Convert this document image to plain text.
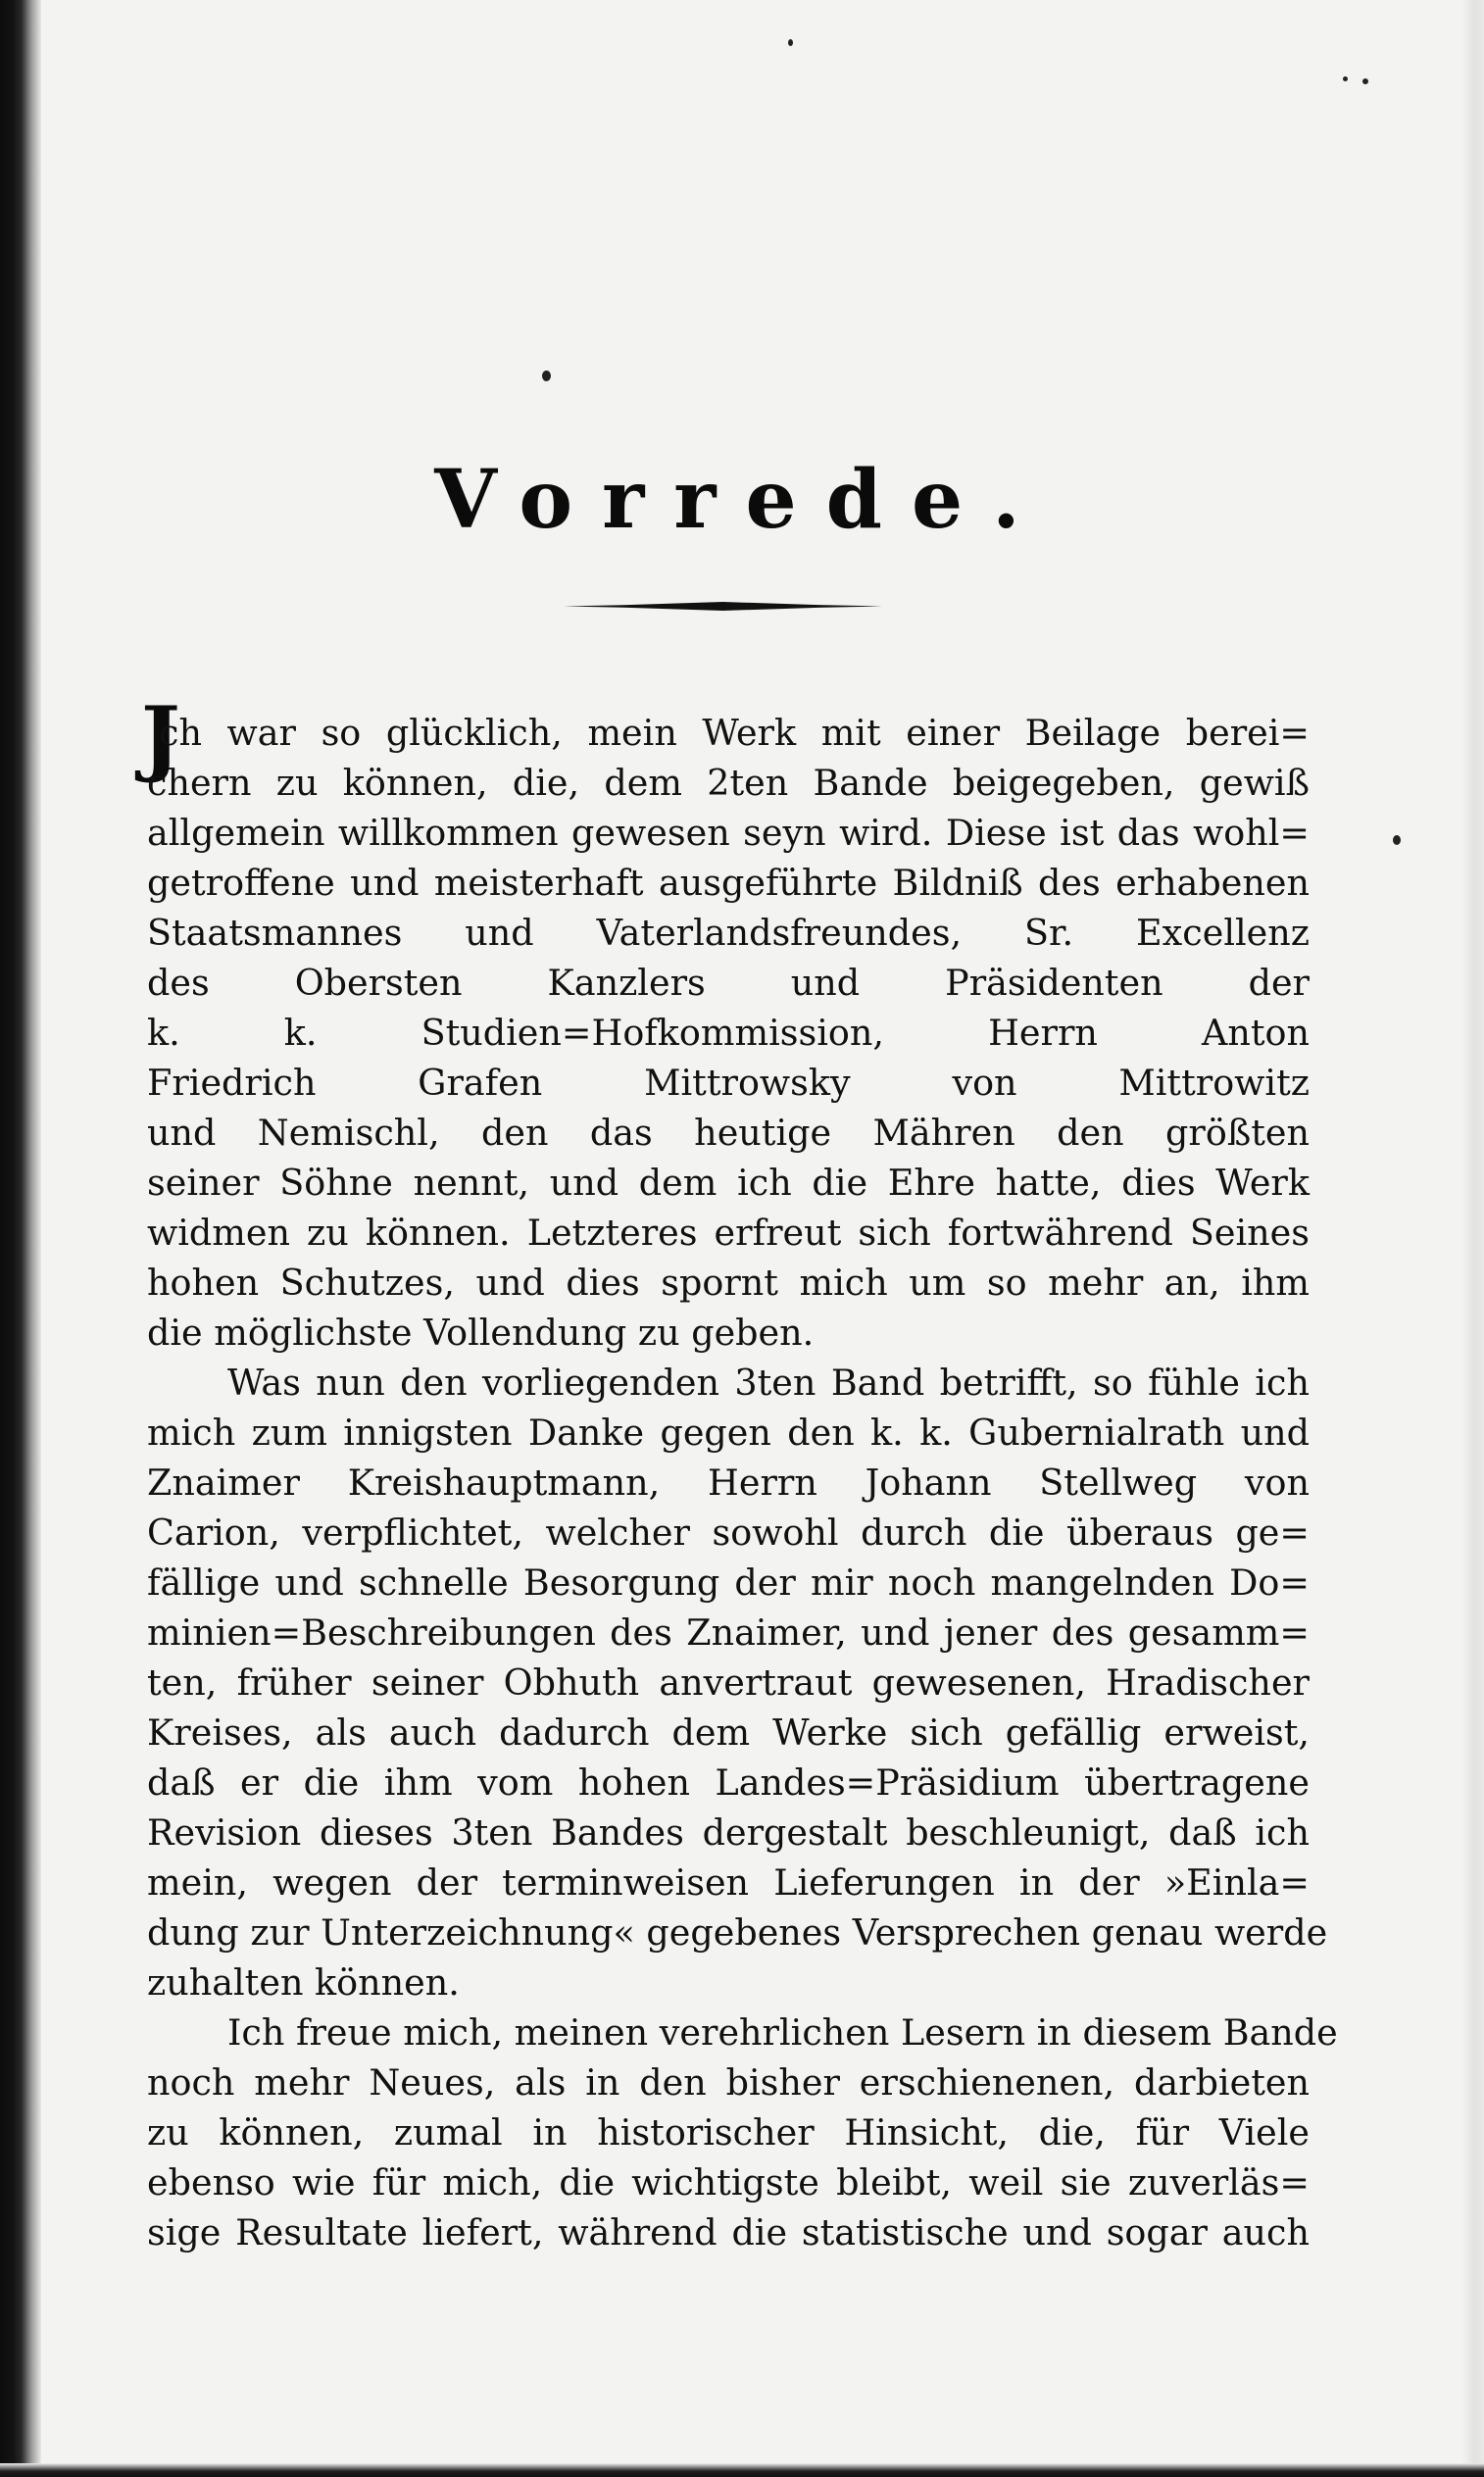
Vorrede.
J
ch war so glücklich, mein Werk mit einer Beilage berei=
chern zu können, die, dem 2ten Bande beigegeben, gewiß
allgemein willkommen gewesen seyn wird. Diese ist das wohl=
getroffene und meisterhaft ausgeführte Bildniß des erhabenen
Staatsmannes und Vaterlandsfreundes, Sr. Excellenz
des Obersten Kanzlers und Präsidenten der
k. k. Studien=Hofkommission, Herrn Anton
Friedrich Grafen Mittrowsky von Mittrowitz
und Nemischl, den das heutige Mähren den größten
seiner Söhne nennt, und dem ich die Ehre hatte, dies Werk
widmen zu können. Letzteres erfreut sich fortwährend Seines
hohen Schutzes, und dies spornt mich um so mehr an, ihm
die möglichste Vollendung zu geben.
Was nun den vorliegenden 3ten Band betrifft, so fühle ich
mich zum innigsten Danke gegen den k. k. Gubernialrath und
Znaimer Kreishauptmann, Herrn Johann Stellweg von
Carion, verpflichtet, welcher sowohl durch die überaus ge=
fällige und schnelle Besorgung der mir noch mangelnden Do=
minien=Beschreibungen des Znaimer, und jener des gesamm=
ten, früher seiner Obhuth anvertraut gewesenen, Hradischer
Kreises, als auch dadurch dem Werke sich gefällig erweist,
daß er die ihm vom hohen Landes=Präsidium übertragene
Revision dieses 3ten Bandes dergestalt beschleunigt, daß ich
mein, wegen der terminweisen Lieferungen in der »Einla=
dung zur Unterzeichnung« gegebenes Versprechen genau werde
zuhalten können.
Ich freue mich, meinen verehrlichen Lesern in diesem Bande
noch mehr Neues, als in den bisher erschienenen, darbieten
zu können, zumal in historischer Hinsicht, die, für Viele
ebenso wie für mich, die wichtigste bleibt, weil sie zuverläs=
sige Resultate liefert, während die statistische und sogar auch
